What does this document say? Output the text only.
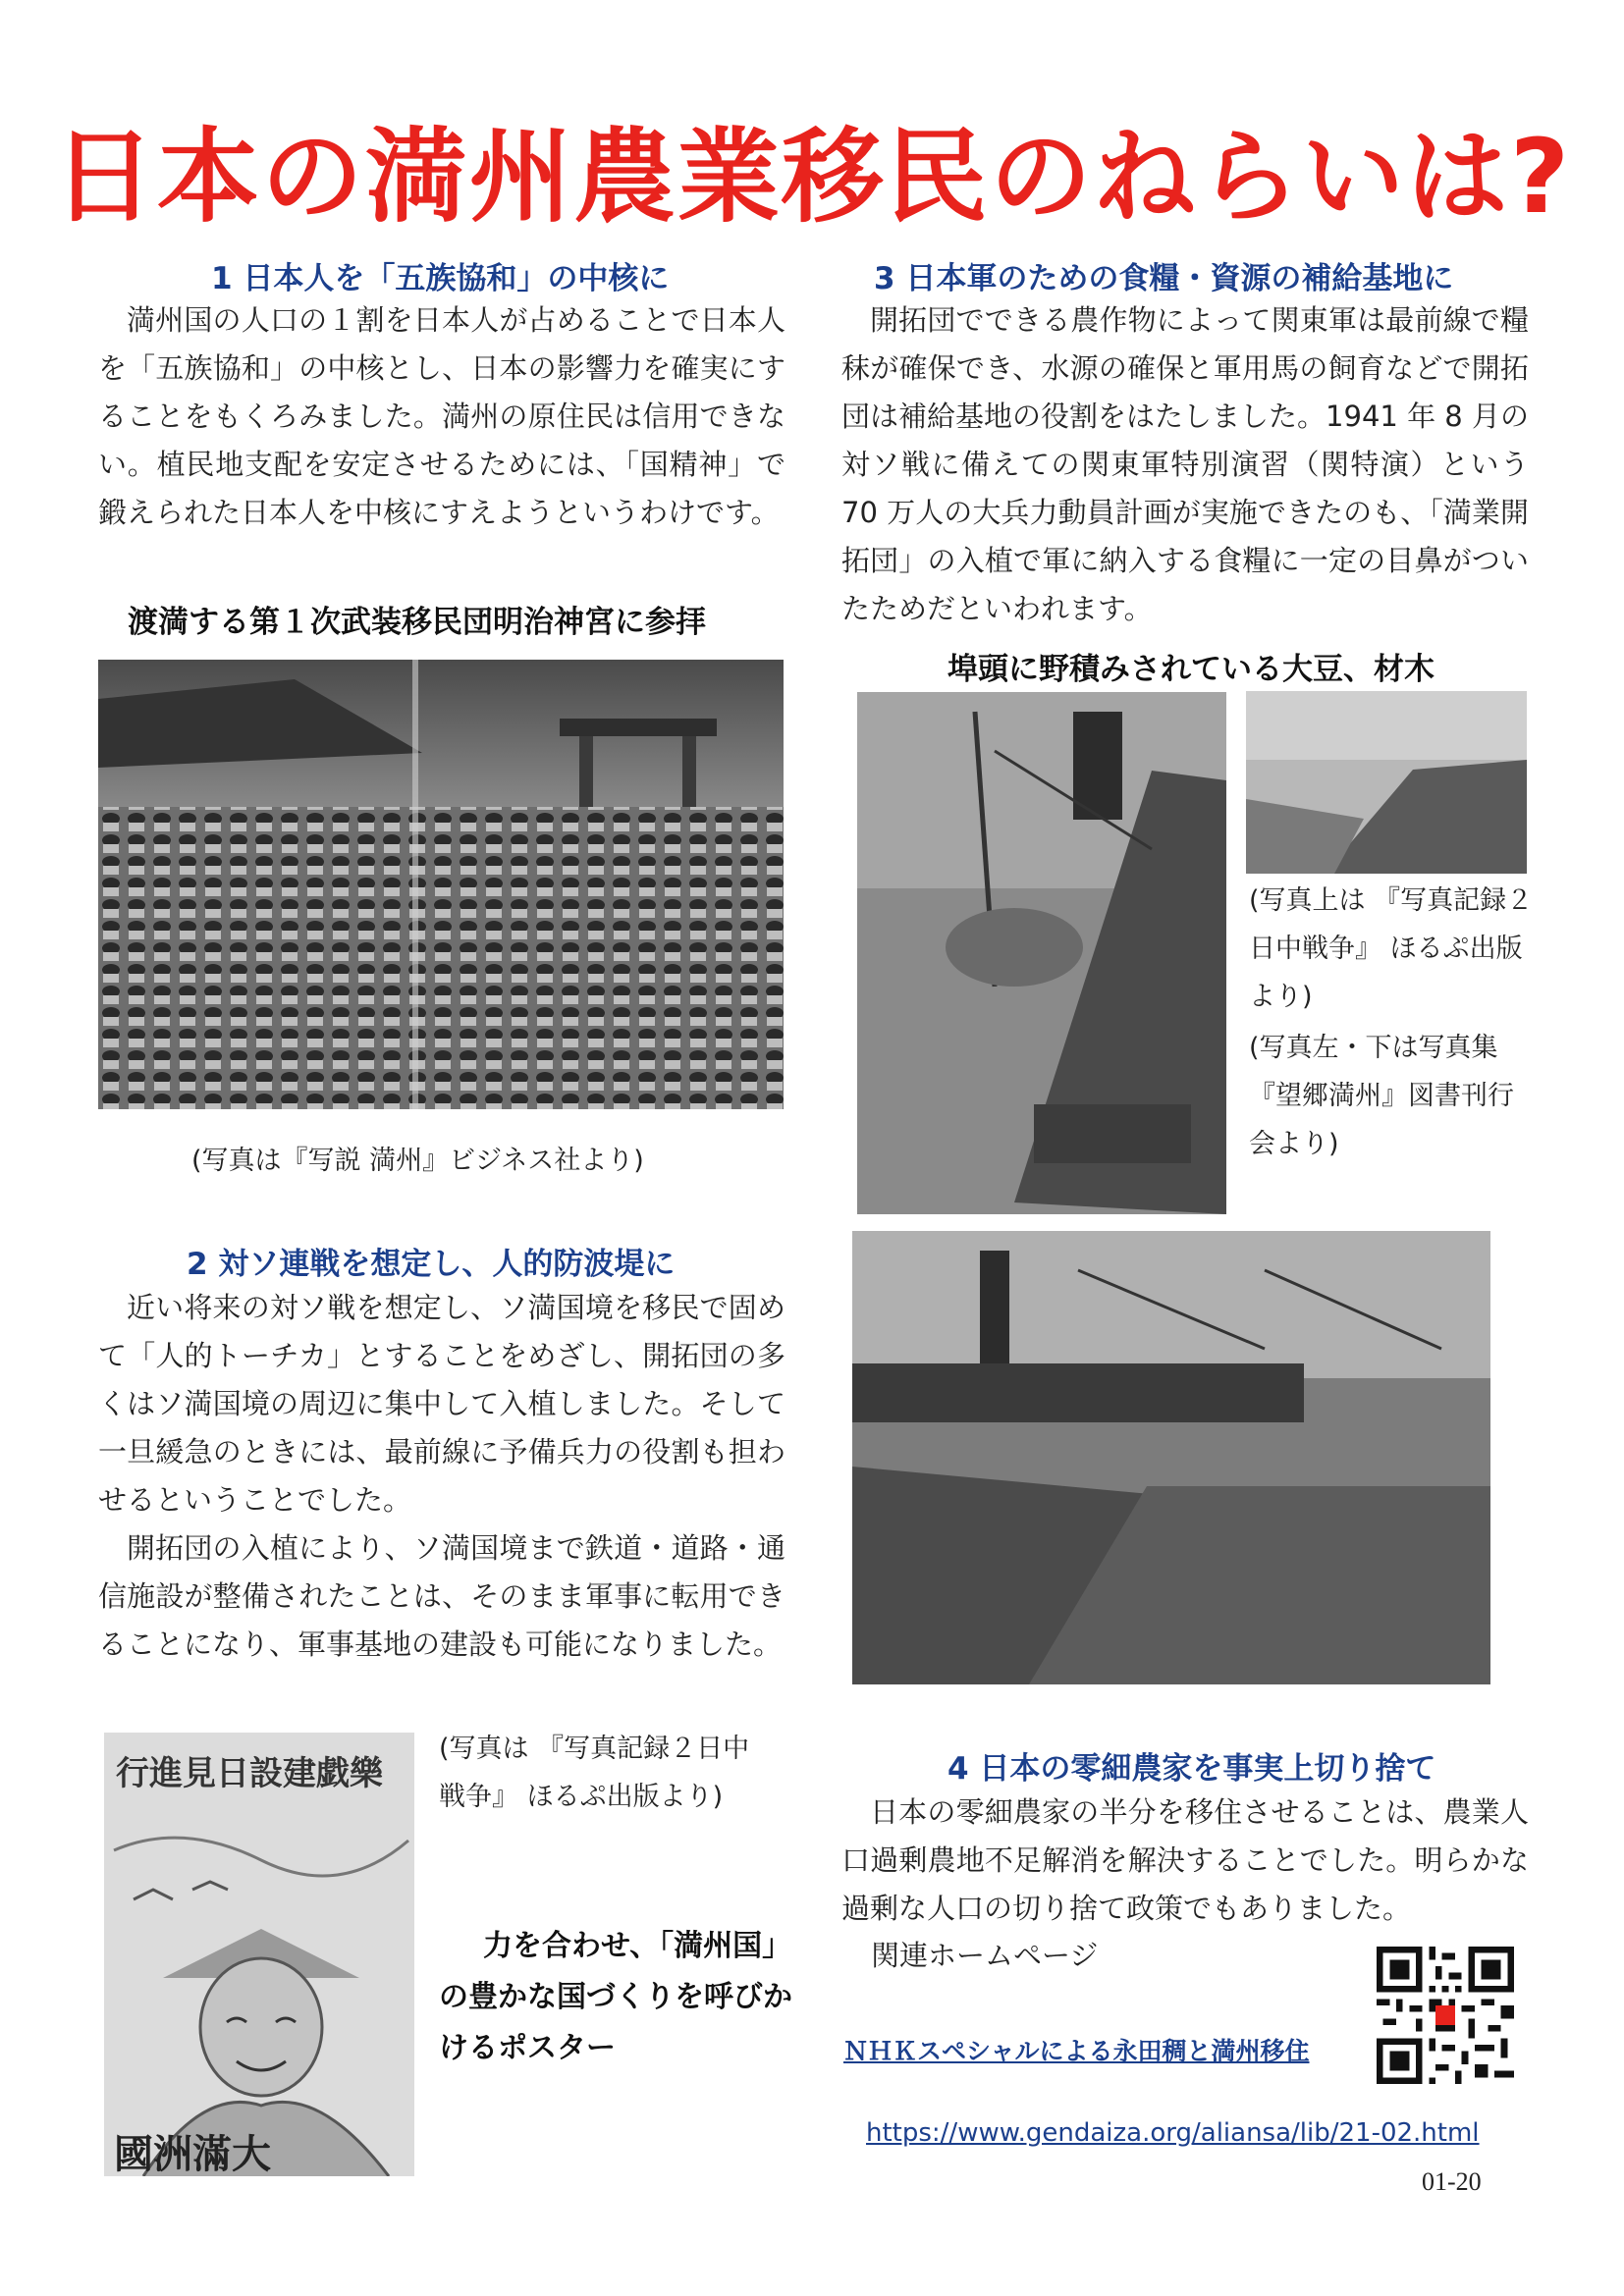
日本の満州農業移民のねらいは?
1 日本人を「五族協和」の中核に
満州国の人口の１割を日本人が占めることで日本人を「五族協和」の中核とし、日本の影響力を確実にすることをもくろみました。満州の原住民は信用できない。植民地支配を安定させるためには、「国精神」で鍛えられた日本人を中核にすえようというわけです。
渡満する第１次武装移民団明治神宮に参拝
(写真は『写説 満州』ビジネス社より)
2 対ソ連戦を想定し、人的防波堤に
近い将来の対ソ戦を想定し、ソ満国境を移民で固めて「人的トーチカ」とすることをめざし、開拓団の多くはソ満国境の周辺に集中して入植しました。そして一旦緩急のときには、最前線に予備兵力の役割も担わせるということでした。
開拓団の入植により、ソ満国境まで鉄道・道路・通信施設が整備されたことは、そのまま軍事に転用できることになり、軍事基地の建設も可能になりました。
行進見日設建戯樂
國洲滿大
(写真は 『写真記録２日中戦争』 ほるぷ出版より)
力を合わせ、「満州国」の豊かな国づくりを呼びかけるポスター
3 日本軍のための食糧・資源の補給基地に
開拓団でできる農作物によって関東軍は最前線で糧秣が確保でき、水源の確保と軍用馬の飼育などで開拓団は補給基地の役割をはたしました。1941 年 8 月の対ソ戦に備えての関東軍特別演習（関特演）という 70 万人の大兵力動員計画が実施できたのも、「満業開拓団」の入植で軍に納入する食糧に一定の目鼻がついたためだといわれます。
埠頭に野積みされている大豆、材木
(写真上は 『写真記録２日中戦争』 ほるぷ出版より)
(写真左・下は写真集『望郷満州』図書刊行会より)
4 日本の零細農家を事実上切り捨て
日本の零細農家の半分を移住させることは、農業人口過剰農地不足解消を解決することでした。明らかな過剰な人口の切り捨て政策でもありました。
関連ホームページ
ＮＨＫスペシャルによる永田稠と満州移住
https://www.gendaiza.org/aliansa/lib/21-02.html
01-20
